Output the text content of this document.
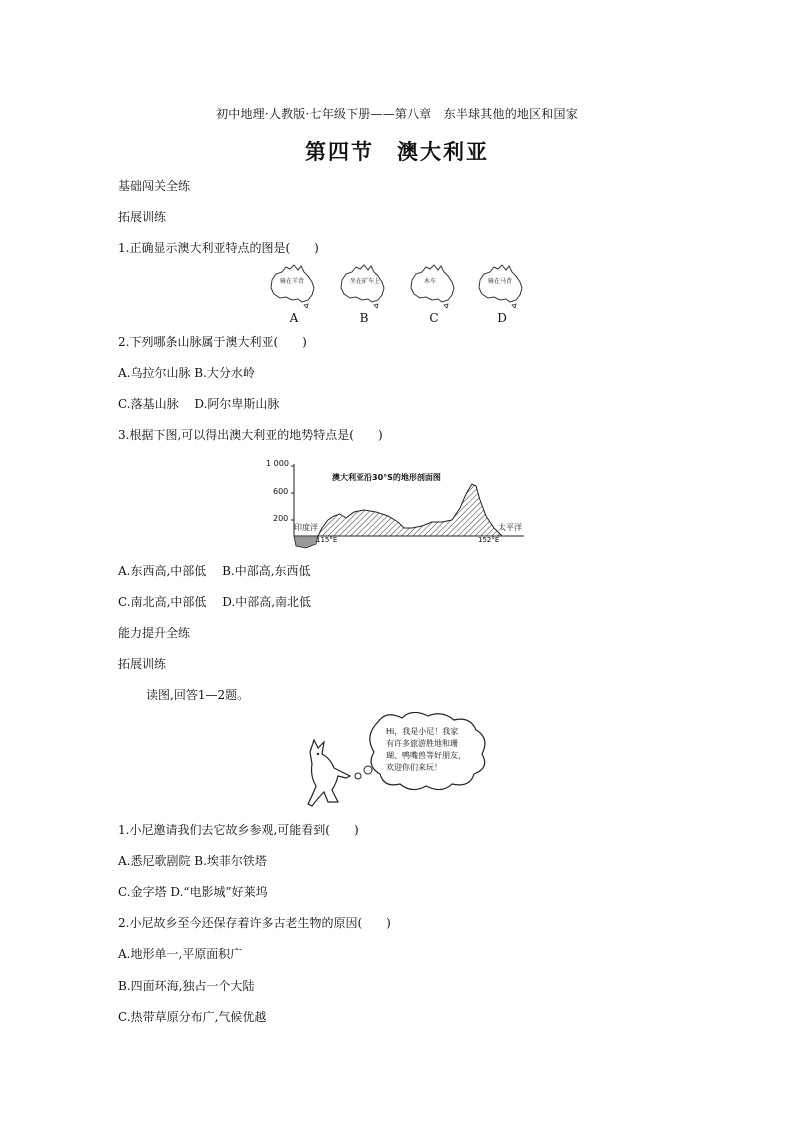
初中地理·人教版·七年级下册——第八章　东半球其他的地区和国家
第四节　澳大利亚
基础闯关全练
拓展训练
1.正确显示澳大利亚特点的图是(　　)
骑在羊背
A
坐在矿车上
B
木车
C
骑在马背
D
2.下列哪条山脉属于澳大利亚(　　)
A.乌拉尔山脉 B.大分水岭
C.落基山脉　 D.阿尔卑斯山脉
3.根据下图,可以得出澳大利亚的地势特点是(　　)
1 000
600
200
澳大利亚沿30°S的地形剖面图
印度洋	太平洋
115°E	152°E
A.东西高,中部低　 B.中部高,东西低
C.南北高,中部低　 D.中部高,南北低
能力提升全练
拓展训练
读图,回答1—2题。
Hi，我是小尼！我家
有许多旅游胜地和珊
瑚、鸭嘴兽等好朋友，
欢迎你们来玩！
1.小尼邀请我们去它故乡参观,可能看到(　　)
A.悉尼歌剧院 B.埃菲尔铁塔
C.金字塔 D.“电影城”好莱坞
2.小尼故乡至今还保存着许多古老生物的原因(　　)
A.地形单一,平原面积广
B.四面环海,独占一个大陆
C.热带草原分布广,气候优越
